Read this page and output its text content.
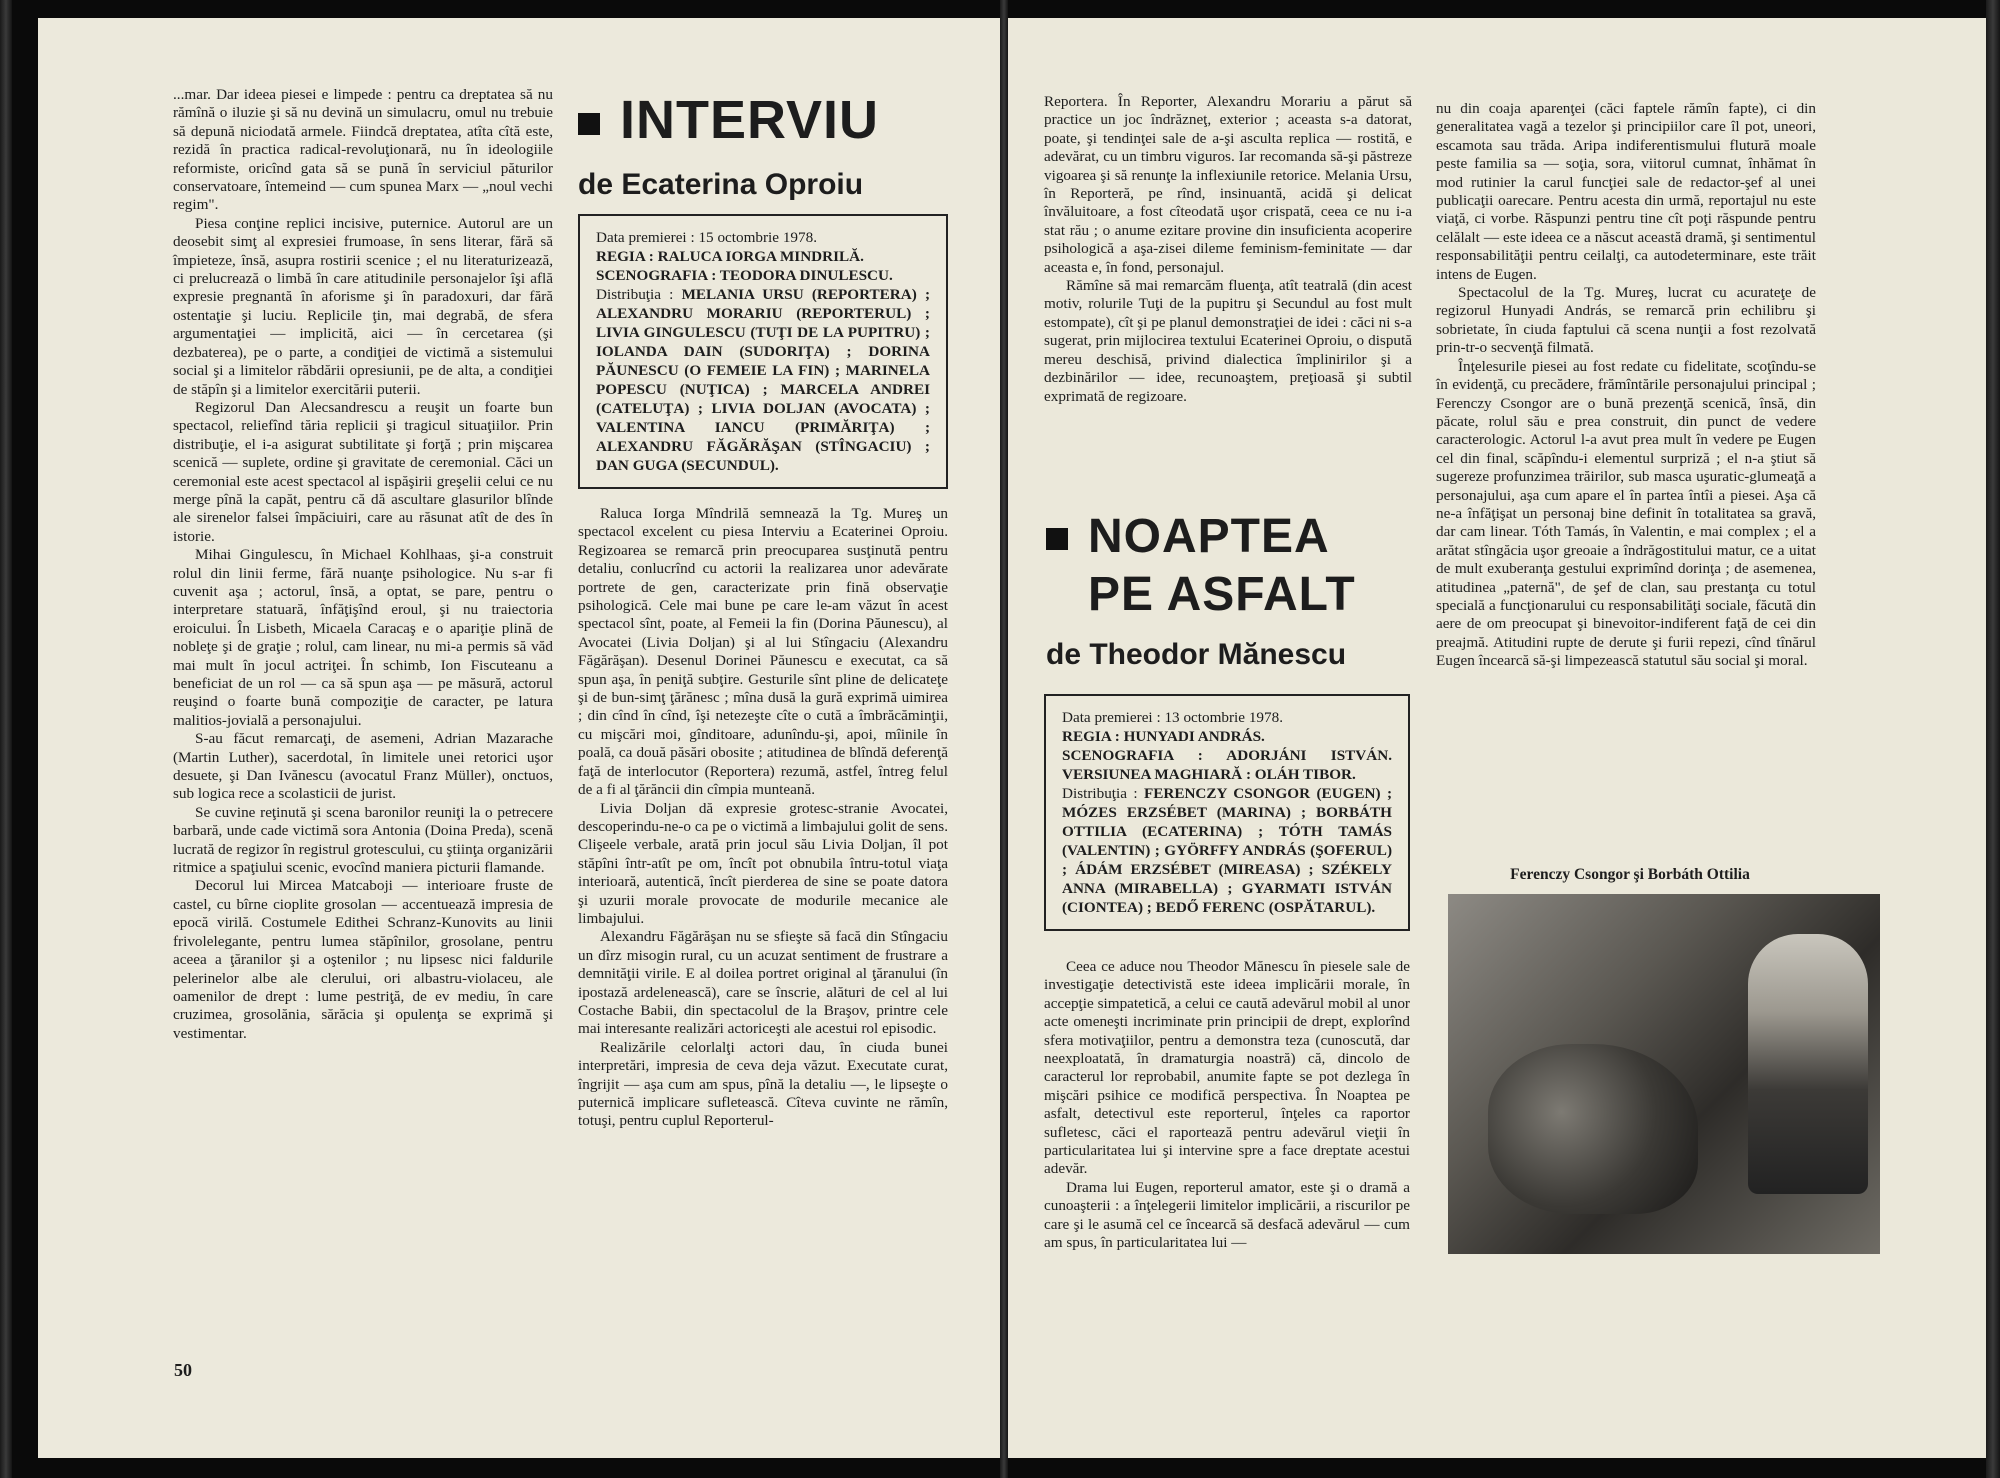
...mar. Dar ideea piesei e limpede : pentru ca dreptatea să nu rămînă o iluzie şi să nu devină un simulacru, omul nu trebuie să depună niciodată armele. Fiindcă dreptatea, atîta cîtă este, rezidă în practica radical-revoluţionară, nu în ideologiile reformiste, oricînd gata să se pună în serviciul păturilor conservatoare, întemeind — cum spunea Marx — „noul vechi regim".

Piesa conţine replici incisive, puternice. Autorul are un deosebit simţ al expresiei frumoase, în sens literar, fără să împieteze, însă, asupra rostirii scenice ; el nu literaturizează, ci prelucrează o limbă în care atitudinile personajelor îşi află expresie pregnantă în aforisme şi în paradoxuri, dar fără ostentaţie şi luciu. Replicile ţin, mai degrabă, de sfera argumentaţiei — implicită, aici — în cercetarea (şi dezbaterea), pe o parte, a condiţiei de victimă a sistemului social şi a limitelor răbdării opresiunii, pe de alta, a condiţiei de stăpîn şi a limitelor exercitării puterii.

Regizorul Dan Alecsandrescu a reuşit un foarte bun spectacol, reliefînd tăria replicii şi tragicul situaţiilor. Prin distribuţie, el i-a asigurat subtilitate şi forţă ; prin mişcarea scenică — suplete, ordine şi gravitate de ceremonial. Căci un ceremonial este acest spectacol al ispăşirii greşelii celui ce nu merge pînă la capăt, pentru că dă ascultare glasurilor blînde ale sirenelor falsei împăciuiri, care au răsunat atît de des în istorie.

Mihai Gingulescu, în Michael Kohlhaas, şi-a construit rolul din linii ferme, fără nuanţe psihologice. Nu s-ar fi cuvenit aşa ; actorul, însă, a optat, se pare, pentru o interpretare statuară, înfăţişînd eroul, şi nu traiectoria eroicului. În Lisbeth, Micaela Caracaş e o apariţie plină de nobleţe şi de graţie ; rolul, cam linear, nu mi-a permis să văd mai mult în jocul actriţei. În schimb, Ion Fiscuteanu a beneficiat de un rol — ca să spun aşa — pe măsură, actorul reuşind o foarte bună compoziţie de caracter, pe latura malitios-jovială a personajului.

S-au făcut remarcaţi, de asemeni, Adrian Mazarache (Martin Luther), sacerdotal, în limitele unei retorici uşor desuete, şi Dan Ivănescu (avocatul Franz Müller), onctuos, sub logica rece a scolasticii de jurist.

Se cuvine reţinută şi scena baronilor reuniţi la o petrecere barbară, unde cade victimă sora Antonia (Doina Preda), scenă lucrată de regizor în registrul grotescului, cu ştiinţa organizării ritmice a spaţiului scenic, evocînd maniera picturii flamande.

Decorul lui Mircea Matcaboji — interioare fruste de castel, cu bîrne cioplite grosolan — accentuează impresia de epocă virilă. Costumele Edithei Schranz-Kunovits au linii frivolelegante, pentru lumea stăpînilor, grosolane, pentru aceea a ţăranilor şi a oştenilor ; nu lipsesc nici faldurile pelerinelor albe ale clerului, ori albastru-violaceu, ale oamenilor de drept : lume pestriţă, de ev mediu, în care cruzimea, grosolănia, sărăcia şi opulenţa se exprimă şi vestimentar.

INTERVIU

de Ecaterina Oproiu

Data premierei : 15 octombrie 1978.
REGIA : RALUCA IORGA MINDRILĂ.
SCENOGRAFIA : TEODORA DINULESCU.
Distribuţia : MELANIA URSU (REPORTERA) ; ALEXANDRU MORARIU (REPORTERUL) ; LIVIA GINGULESCU (TUŢI DE LA PUPITRU) ; IOLANDA DAIN (SUDORIŢA) ; DORINA PĂUNESCU (O FEMEIE LA FIN) ; MARINELA POPESCU (NUŢICA) ; MARCELA ANDREI (CATELUŢA) ; LIVIA DOLJAN (AVOCATA) ; VALENTINA IANCU (PRIMĂRIŢA) ; ALEXANDRU FĂGĂRĂŞAN (STÎNGACIU) ; DAN GUGA (SECUNDUL).

Raluca Iorga Mîndrilă semnează la Tg. Mureş un spectacol excelent cu piesa Interviu a Ecaterinei Oproiu. Regizoarea se remarcă prin preocuparea susţinută pentru detaliu, conlucrînd cu actorii la realizarea unor adevărate portrete de gen, caracterizate prin fină observaţie psihologică. Cele mai bune pe care le-am văzut în acest spectacol sînt, poate, al Femeii la fin (Dorina Păunescu), al Avocatei (Livia Doljan) şi al lui Stîngaciu (Alexandru Făgărăşan). Desenul Dorinei Păunescu e executat, ca să spun aşa, în peniţă subţire. Gesturile sînt pline de delicateţe şi de bun-simţ ţărănesc ; mîna dusă la gură exprimă uimirea ; din cînd în cînd, îşi netezeşte cîte o cută a îmbrăcăminţii, cu mişcări moi, gînditoare, adunîndu-şi, apoi, mîinile în poală, ca două păsări obosite ; atitudinea de blîndă deferenţă faţă de interlocutor (Reportera) rezumă, astfel, întreg felul de a fi al ţărăncii din cîmpia munteană.

Livia Doljan dă expresie grotesc-stranie Avocatei, descoperindu-ne-o ca pe o victimă a limbajului golit de sens. Clişeele verbale, arată prin jocul său Livia Doljan, îl pot stăpîni într-atît pe om, încît pot obnubila întru-totul viaţa interioară, autentică, încît pierderea de sine se poate datora şi uzurii morale provocate de modurile mecanice ale limbajului.

Alexandru Făgărăşan nu se sfieşte să facă din Stîngaciu un dîrz misogin rural, cu un acuzat sentiment de frustrare a demnităţii virile. E al doilea portret original al ţăranului (în ipostază ardelenească), care se înscrie, alături de cel al lui Costache Babii, din spectacolul de la Braşov, printre cele mai interesante realizări actoriceşti ale acestui rol episodic.

Realizările celorlalţi actori dau, în ciuda bunei interpretări, impresia de ceva deja văzut. Executate curat, îngrijit — aşa cum am spus, pînă la detaliu —, le lipseşte o puternică implicare sufletească. Cîteva cuvinte ne rămîn, totuşi, pentru cuplul Reporterul-

50

Reportera. În Reporter, Alexandru Morariu a părut să practice un joc îndrăzneţ, exterior ; aceasta s-a datorat, poate, şi tendinţei sale de a-şi asculta replica — rostită, e adevărat, cu un timbru viguros. Iar recomanda să-şi păstreze vigoarea şi să renunţe la inflexiunile retorice. Melania Ursu, în Reporteră, pe rînd, insinuantă, acidă şi delicat învăluitoare, a fost cîteodată uşor crispată, ceea ce nu i-a stat rău ; o anume ezitare provine din insuficienta acoperire psihologică a aşa-zisei dileme feminism-feminitate — dar aceasta e, în fond, personajul.

Rămîne să mai remarcăm fluenţa, atît teatrală (din acest motiv, rolurile Tuţi de la pupitru şi Secundul au fost mult estompate), cît şi pe planul demonstraţiei de idei : căci ni s-a sugerat, prin mijlocirea textului Ecaterinei Oproiu, o dispută mereu deschisă, privind dialectica împlinirilor şi a dezbinărilor — idee, recunoaştem, preţioasă şi subtil exprimată de regizoare.

NOAPTEA
PE ASFALT

de Theodor Mănescu

Data premierei : 13 octombrie 1978.
REGIA : HUNYADI ANDRÁS.
SCENOGRAFIA : ADORJÁNI ISTVÁN. VERSIUNEA MAGHIARĂ : OLÁH TIBOR.
Distribuţia : FERENCZY CSONGOR (EUGEN) ; MÓZES ERZSÉBET (MARINA) ; BORBÁTH OTTILIA (ECATERINA) ; TÓTH TAMÁS (VALENTIN) ; GYÖRFFY ANDRÁS (ŞOFERUL) ; ÁDÁM ERZSÉBET (MIREASA) ; SZÉKELY ANNA (MIRABELLA) ; GYARMATI ISTVÁN (CIONTEA) ; BEDŐ FERENC (OSPĂTARUL).

Ceea ce aduce nou Theodor Mănescu în piesele sale de investigaţie detectivistă este ideea implicării morale, în accepţie simpatetică, a celui ce caută adevărul mobil al unor acte omeneşti incriminate prin principii de drept, explorînd sfera motivaţiilor, pentru a demonstra teza (cunoscută, dar neexploatată, în dramaturgia noastră) că, dincolo de caracterul lor reprobabil, anumite fapte se pot dezlega în mişcări psihice ce modifică perspectiva. În Noaptea pe asfalt, detectivul este reporterul, înţeles ca raportor sufletesc, căci el raportează pentru adevărul vieţii în particularitatea lui şi intervine spre a face dreptate acestui adevăr.

Drama lui Eugen, reporterul amator, este şi o dramă a cunoaşterii : a înţelegerii limitelor implicării, a riscurilor pe care şi le asumă cel ce încearcă să desfacă adevărul — cum am spus, în particularitatea lui —

nu din coaja aparenţei (căci faptele rămîn fapte), ci din generalitatea vagă a tezelor şi principiilor care îl pot, uneori, escamota sau trăda. Aripa indiferentismului flutură moale peste familia sa — soţia, sora, viitorul cumnat, înhămat în mod rutinier la carul funcţiei sale de redactor-şef al unei publicaţii oarecare. Pentru acesta din urmă, reportajul nu este viaţă, ci vorbe. Răspunzi pentru tine cît poţi răspunde pentru celălalt — este ideea ce a născut această dramă, şi sentimentul responsabilităţii pentru ceilalţi, ca autodeterminare, este trăit intens de Eugen.

Spectacolul de la Tg. Mureş, lucrat cu acurateţe de regizorul Hunyadi András, se remarcă prin echilibru şi sobrietate, în ciuda faptului că scena nunţii a fost rezolvată prin-tr-o secvenţă filmată.

Înţelesurile piesei au fost redate cu fidelitate, scoţîndu-se în evidenţă, cu precădere, frămîntările personajului principal ; Ferenczy Csongor are o bună prezenţă scenică, însă, din păcate, rolul său e prea construit, din punct de vedere caracterologic. Actorul l-a avut prea mult în vedere pe Eugen cel din final, scăpîndu-i elementul surpriză ; el n-a ştiut să sugereze profunzimea trăirilor, sub masca uşuratic-glumeaţă a personajului, aşa cum apare el în partea întîi a piesei. Aşa că ne-a înfăţişat un personaj bine definit în totalitatea sa gravă, dar cam linear. Tóth Tamás, în Valentin, e mai complex ; el a arătat stîngăcia uşor greoaie a îndrăgostitului matur, ce a uitat de mult exuberanţa gestului exprimînd dorinţa ; de asemenea, atitudinea „paternă", de şef de clan, sau prestanţa cu totul specială a funcţionarului cu responsabilităţi sociale, făcută din aere de om preocupat şi binevoitor-indiferent faţă de cei din preajmă. Atitudini rupte de derute şi furii repezi, cînd tînărul Eugen încearcă să-şi limpezească statutul său social şi moral.

Ferenczy Csongor şi Borbáth Ottilia
